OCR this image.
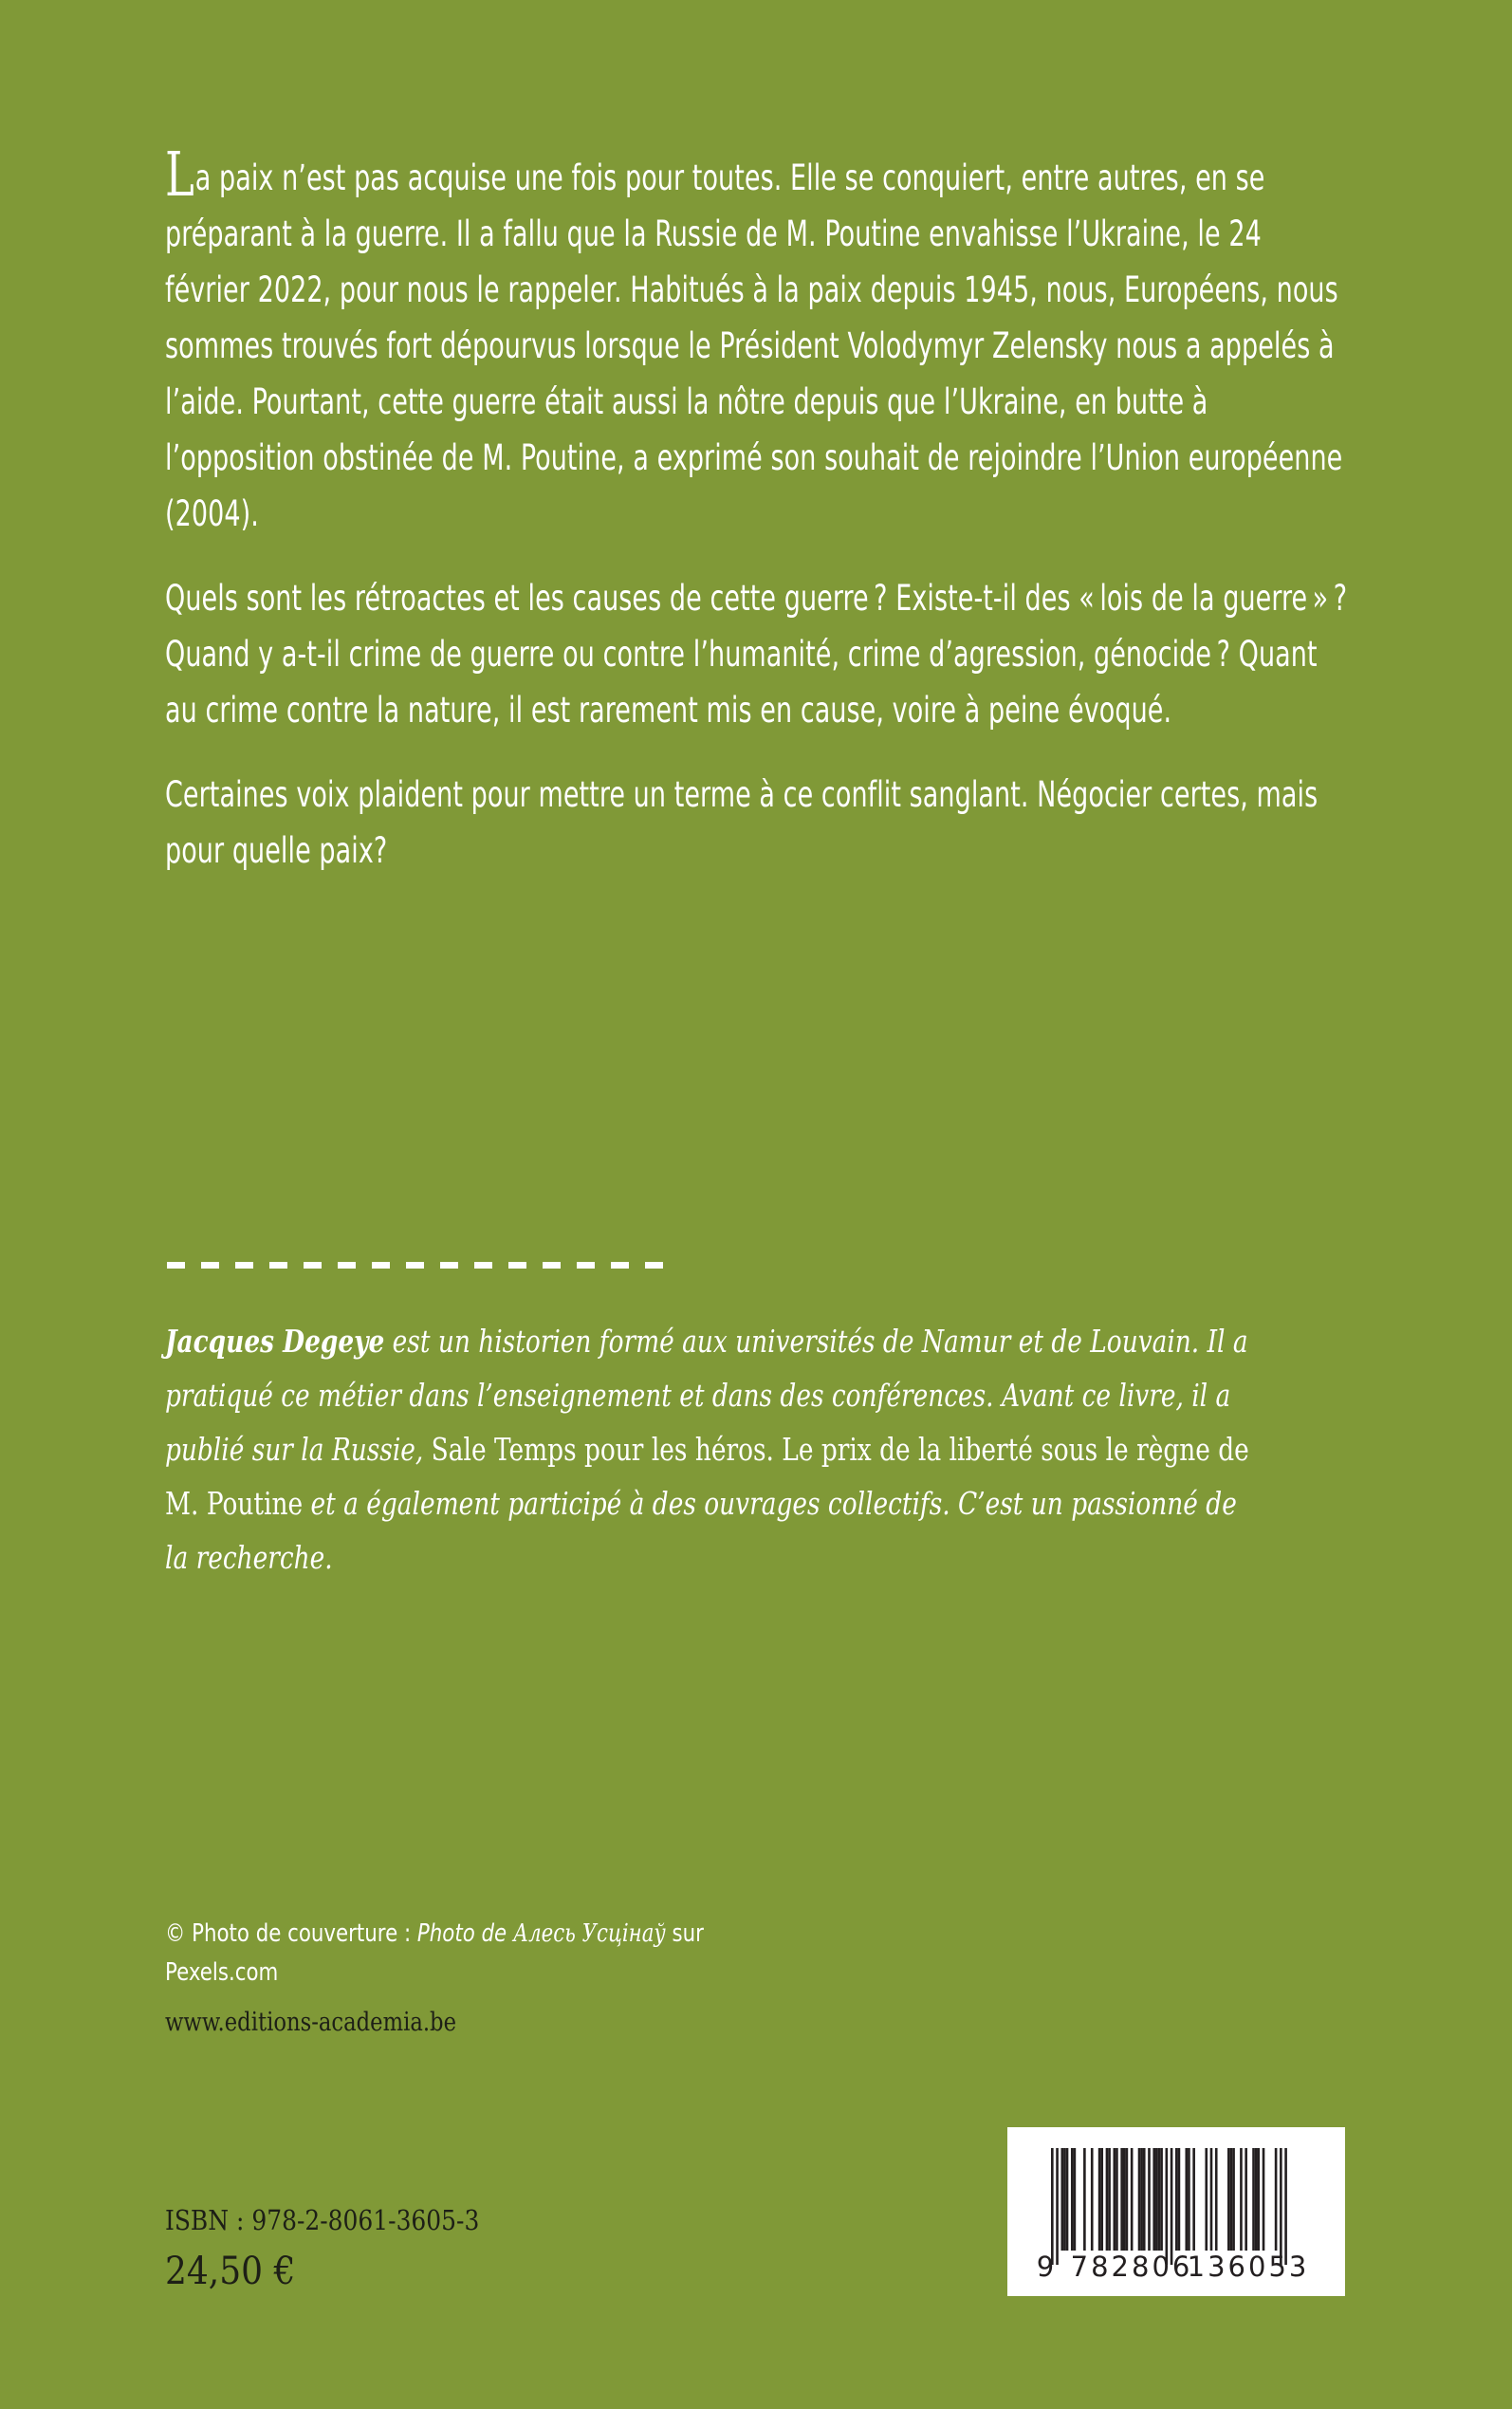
La paix n’est pas acquise une fois pour toutes. Elle se conquiert, entre autres, en se préparant à la guerre. Il a fallu que la Russie de M. Poutine envahisse l’Ukraine, le 24 février 2022, pour nous le rappeler. Habitués à la paix depuis 1945, nous, Européens, nous sommes trouvés fort dépourvus lorsque le Président Volodymyr Zelensky nous a appelés à l’aide. Pourtant, cette guerre était aussi la nôtre depuis que l’Ukraine, en butte à l’opposition obstinée de M. Poutine, a exprimé son souhait de rejoindre l’Union européenne (2004).

Quels sont les rétroactes et les causes de cette guerre ? Existe-t-il des « lois de la guerre » ? Quand y a-t-il crime de guerre ou contre l’humanité, crime d’agression, génocide ? Quant au crime contre la nature, il est rarement mis en cause, voire à peine évoqué.

Certaines voix plaident pour mettre un terme à ce conflit sanglant. Négocier certes, mais pour quelle paix?

Jacques Degeye est un historien formé aux universités de Namur et de Louvain. Il a pratiqué ce métier dans l’enseignement et dans des conférences. Avant ce livre, il a publié sur la Russie, Sale Temps pour les héros. Le prix de la liberté sous le règne de M. Poutine et a également participé à des ouvrages collectifs. C’est un passionné de la recherche.

© Photo de couverture : Photo de Алесь Усцінаў sur
Pexels.com

www.editions-academia.be
ISBN : 978-2-8061-3605-3
24,50 €	9 782806
136053
